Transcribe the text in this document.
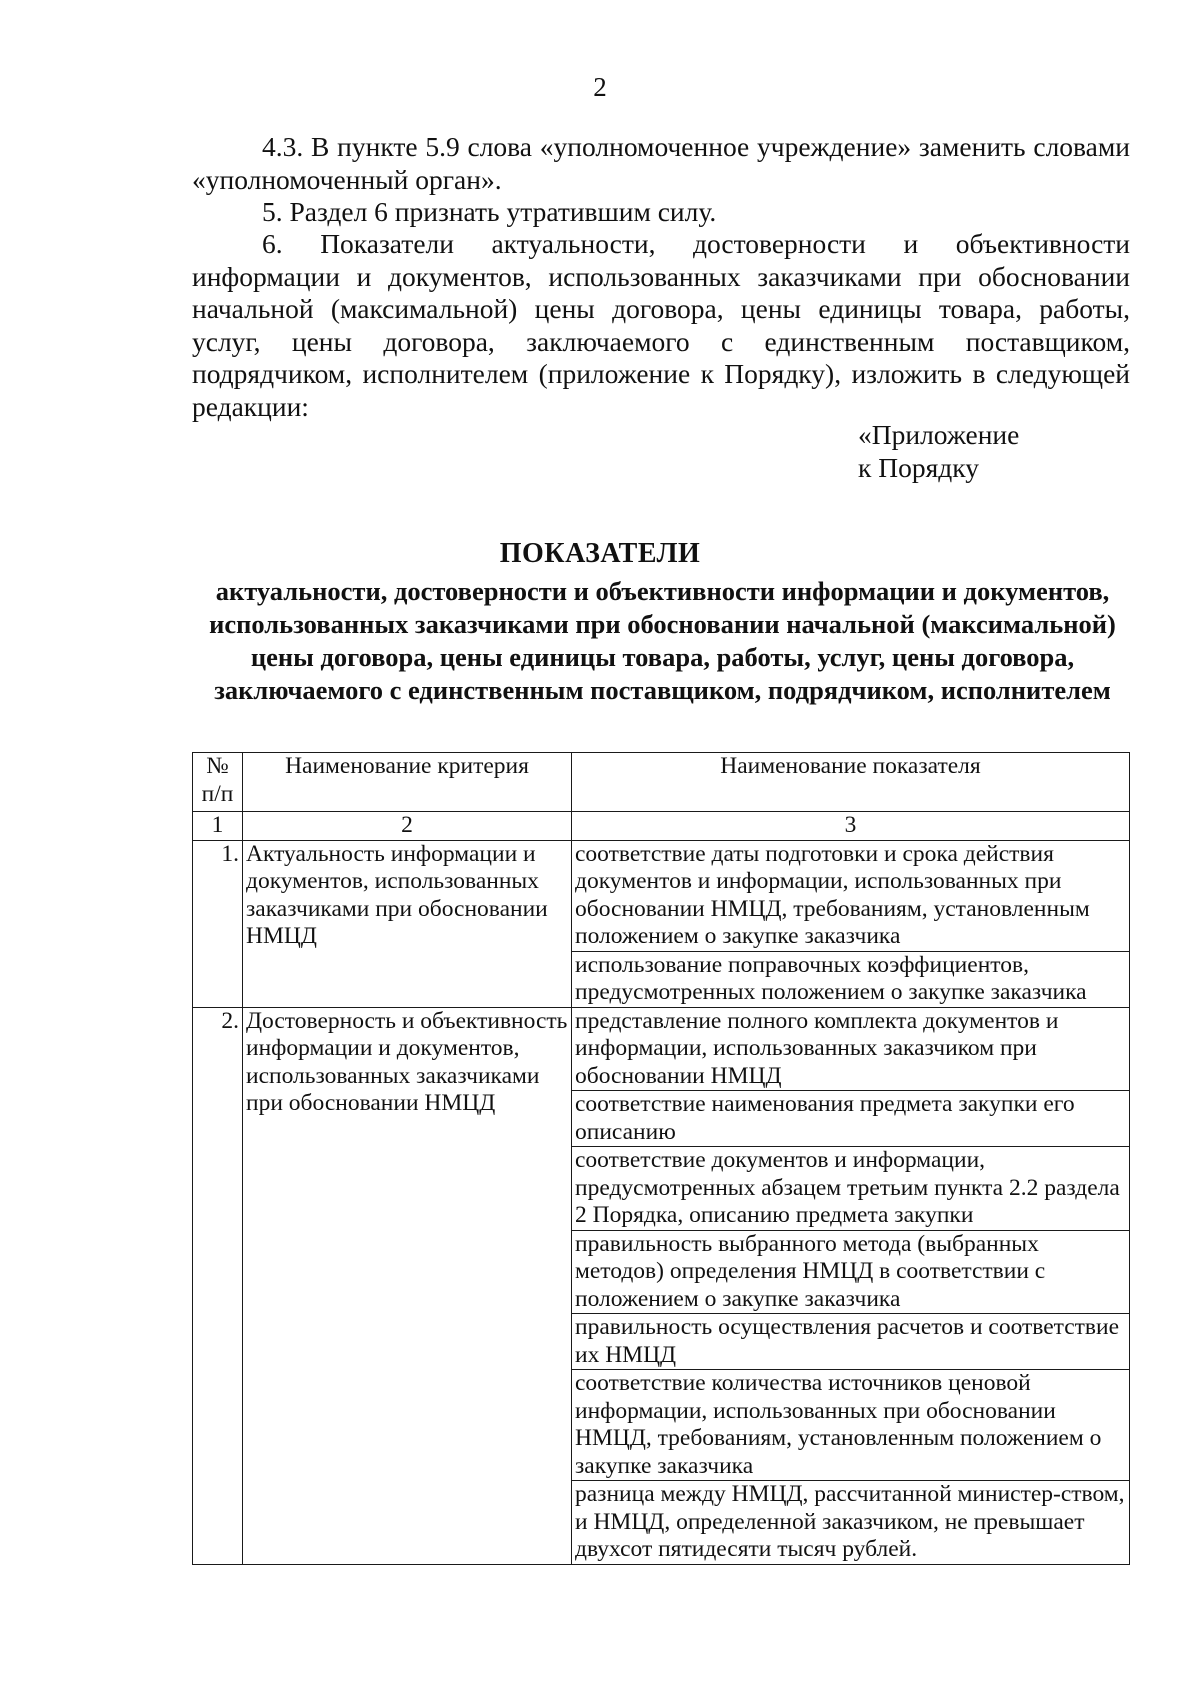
2

4.3. В пункте 5.9 слова «уполномоченное учреждение» заменить словами «уполномоченный орган».

5. Раздел 6 признать утратившим силу.

6. Показатели актуальности, достоверности и объективности информации и документов, использованных заказчиками при обосновании начальной (максимальной) цены договора, цены единицы товара, работы, услуг, цены договора, заключаемого с единственным поставщиком, подрядчиком, исполнителем (приложение к Порядку), изложить в следующей редакции:

«Приложение
к Порядку
ПОКАЗАТЕЛИ
актуальности, достоверности и объективности информации и документов, использованных заказчиками при обосновании начальной (максимальной) цены договора, цены единицы товара, работы, услуг, цены договора, заключаемого с единственным поставщиком, подрядчиком, исполнителем
№ п/п	Наименование критерия	Наименование показателя
1	2	3
1.	Актуальность информации и документов, использованных заказчиками при обосновании НМЦД	соответствие даты подготовки и срока действия документов и информации, использованных при обосновании НМЦД, требованиям, установленным положением о закупке заказчика
		использование поправочных коэффициентов, предусмотренных положением о закупке заказчика
2.	Достоверность и объективность информации и документов, использованных заказчиками при обосновании НМЦД	представление полного комплекта документов и информации, использованных заказчиком при обосновании НМЦД
		соответствие наименования предмета закупки его описанию
		соответствие документов и информации, предусмотренных абзацем третьим пункта 2.2 раздела 2 Порядка, описанию предмета закупки
		правильность выбранного метода (выбранных методов) определения НМЦД в соответствии с положением о закупке заказчика
		правильность осуществления расчетов и соответствие их НМЦД
		соответствие количества источников ценовой информации, использованных при обосновании НМЦД, требованиям, установленным положением о закупке заказчика
		разница между НМЦД, рассчитанной министер-ством, и НМЦД, определенной заказчиком, не превышает двухсот пятидесяти тысяч рублей.
